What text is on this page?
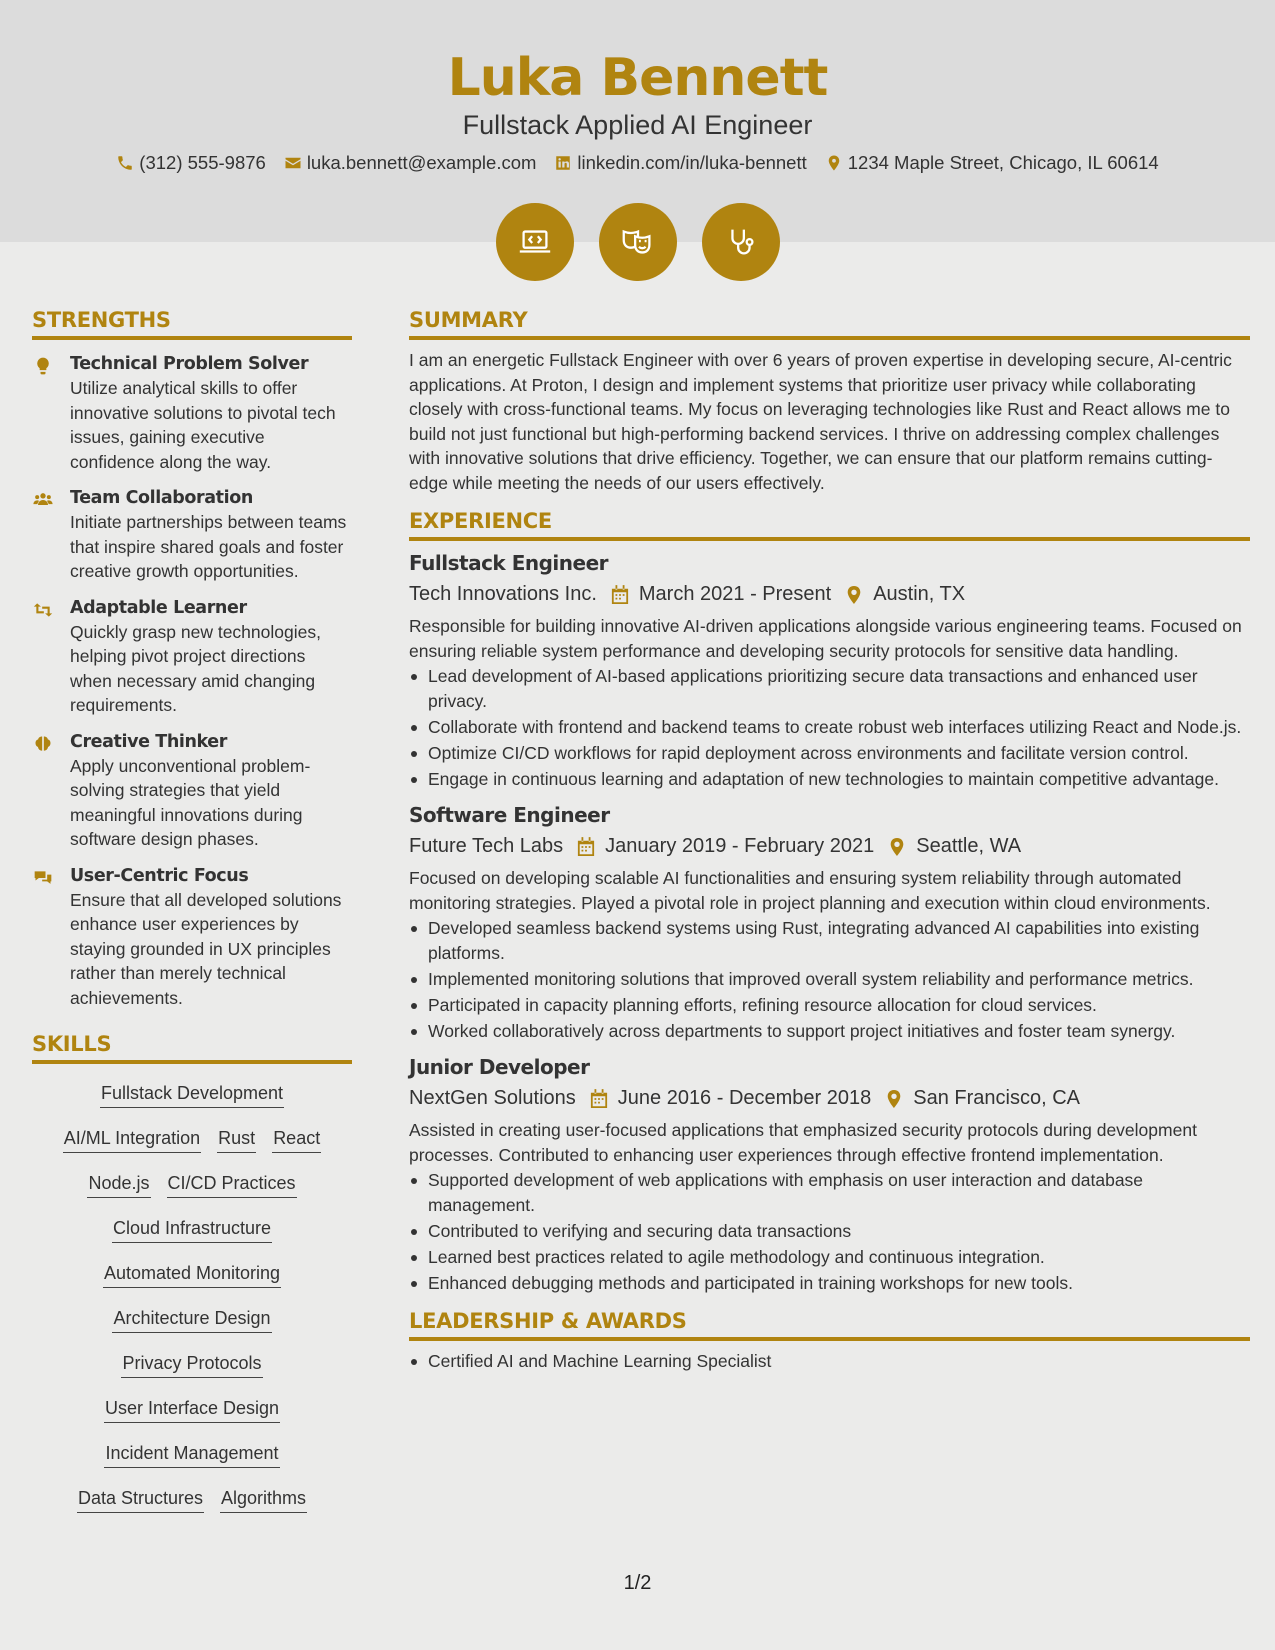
Luka Bennett
Fullstack Applied AI Engineer
(312) 555-9876 luka.bennett@example.com linkedin.com/in/luka-bennett 1234 Maple Street, Chicago, IL 60614
STRENGTHS
Technical Problem Solver
Utilize analytical skills to offer innovative solutions to pivotal tech issues, gaining executive confidence along the way.
Team Collaboration
Initiate partnerships between teams that inspire shared goals and foster creative growth opportunities.
Adaptable Learner
Quickly grasp new technologies, helping pivot project directions when necessary amid changing requirements.
Creative Thinker
Apply unconventional problem-solving strategies that yield meaningful innovations during software design phases.
User-Centric Focus
Ensure that all developed solutions enhance user experiences by staying grounded in UX principles rather than merely technical achievements.
SKILLS
Fullstack Development
AI/ML Integration Rust React
Node.js CI/CD Practices
Cloud Infrastructure
Automated Monitoring
Architecture Design
Privacy Protocols
User Interface Design
Incident Management
Data Structures Algorithms
SUMMARY
I am an energetic Fullstack Engineer with over 6 years of proven expertise in developing secure, AI-centric applications. At Proton, I design and implement systems that prioritize user privacy while collaborating closely with cross-functional teams. My focus on leveraging technologies like Rust and React allows me to build not just functional but high-performing backend services. I thrive on addressing complex challenges with innovative solutions that drive efficiency. Together, we can ensure that our platform remains cutting-edge while meeting the needs of our users effectively.
EXPERIENCE
Fullstack Engineer
Tech Innovations Inc. March 2021 - Present Austin, TX
Responsible for building innovative AI-driven applications alongside various engineering teams. Focused on ensuring reliable system performance and developing security protocols for sensitive data handling.
Lead development of AI-based applications prioritizing secure data transactions and enhanced user privacy.
Collaborate with frontend and backend teams to create robust web interfaces utilizing React and Node.js.
Optimize CI/CD workflows for rapid deployment across environments and facilitate version control.
Engage in continuous learning and adaptation of new technologies to maintain competitive advantage.
Software Engineer
Future Tech Labs January 2019 - February 2021 Seattle, WA
Focused on developing scalable AI functionalities and ensuring system reliability through automated monitoring strategies. Played a pivotal role in project planning and execution within cloud environments.
Developed seamless backend systems using Rust, integrating advanced AI capabilities into existing platforms.
Implemented monitoring solutions that improved overall system reliability and performance metrics.
Participated in capacity planning efforts, refining resource allocation for cloud services.
Worked collaboratively across departments to support project initiatives and foster team synergy.
Junior Developer
NextGen Solutions June 2016 - December 2018 San Francisco, CA
Assisted in creating user-focused applications that emphasized security protocols during development processes. Contributed to enhancing user experiences through effective frontend implementation.
Supported development of web applications with emphasis on user interaction and database management.
Contributed to verifying and securing data transactions
Learned best practices related to agile methodology and continuous integration.
Enhanced debugging methods and participated in training workshops for new tools.
LEADERSHIP & AWARDS
Certified AI and Machine Learning Specialist
1/2
